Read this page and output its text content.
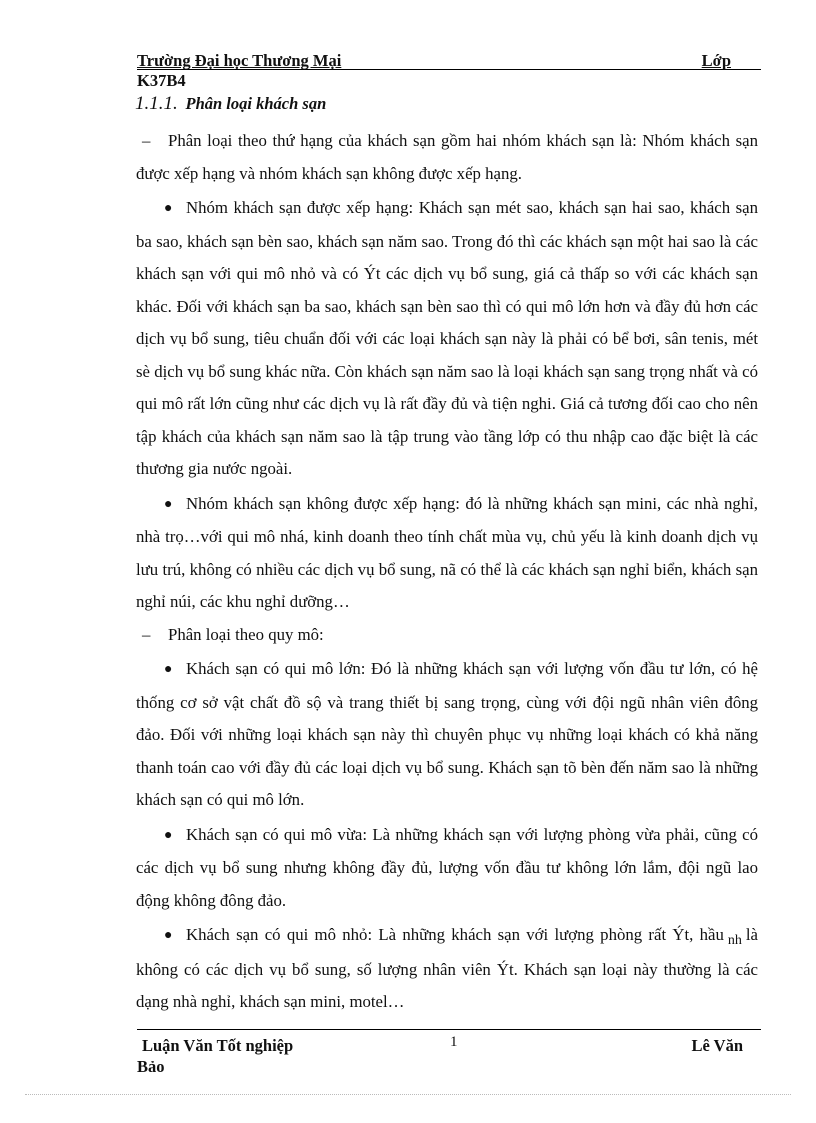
Trường Đại học Thương Mại	Lớp
K37B4
1.1.1. Phân loại khách sạn

– Phân loại theo thứ hạng của khách sạn gồm hai nhóm khách sạn là: Nhóm khách sạn được xếp hạng và nhóm khách sạn không được xếp hạng.

● Nhóm khách sạn được xếp hạng: Khách sạn mét sao, khách sạn hai sao, khách sạn ba sao, khách sạn bèn sao, khách sạn năm sao. Trong đó thì các khách sạn một hai sao là các khách sạn với qui mô nhỏ và có Ýt các dịch vụ bổ sung, giá cả thấp so với các khách sạn khác. Đối với khách sạn ba sao, khách sạn bèn sao thì có qui mô lớn hơn và đầy đủ hơn các dịch vụ bổ sung, tiêu chuẩn đối với các loại khách sạn này là phải có bể bơi, sân tenis, mét sè dịch vụ bổ sung khác nữa. Còn khách sạn năm sao là loại khách sạn sang trọng nhất và có qui mô rất lớn cũng như các dịch vụ là rất đầy đủ và tiện nghi. Giá cả tương đối cao cho nên tập khách của khách sạn năm sao là tập trung vào tầng lớp có thu nhập cao đặc biệt là các thương gia nước ngoài.

● Nhóm khách sạn không được xếp hạng: đó là những khách sạn mini, các nhà nghỉ, nhà trọ…với qui mô nhá, kinh doanh theo tính chất mùa vụ, chủ yếu là kinh doanh dịch vụ lưu trú, không có nhiều các dịch vụ bổ sung, nã có thể là các khách sạn nghỉ biển, khách sạn nghỉ núi, các khu nghỉ dưỡng…

– Phân loại theo quy mô:

● Khách sạn có qui mô lớn: Đó là những khách sạn với lượng vốn đầu tư lớn, có hệ thống cơ sở vật chất đồ sộ và trang thiết bị sang trọng, cùng với đội ngũ nhân viên đông đảo. Đối với những loại khách sạn này thì chuyên phục vụ những loại khách có khả năng thanh toán cao với đầy đủ các loại dịch vụ bổ sung. Khách sạn tõ bèn đến năm sao là những khách sạn có qui mô lớn.

● Khách sạn có qui mô vừa: Là những khách sạn với lượng phòng vừa phải, cũng có các dịch vụ bổ sung nhưng không đầy đủ, lượng vốn đầu tư không lớn lắm, đội ngũ lao động không đông đảo.

● Khách sạn có qui mô nhỏ: Là những khách sạn với lượng phòng rất Ýt, hầu $_{nh}$ là không có các dịch vụ bổ sung, số lượng nhân viên Ýt. Khách sạn loại này thường là các dạng nhà nghỉ, khách sạn mini, motel…

Luận Văn Tốt nghiệp	1	Lê Văn
Bảo
